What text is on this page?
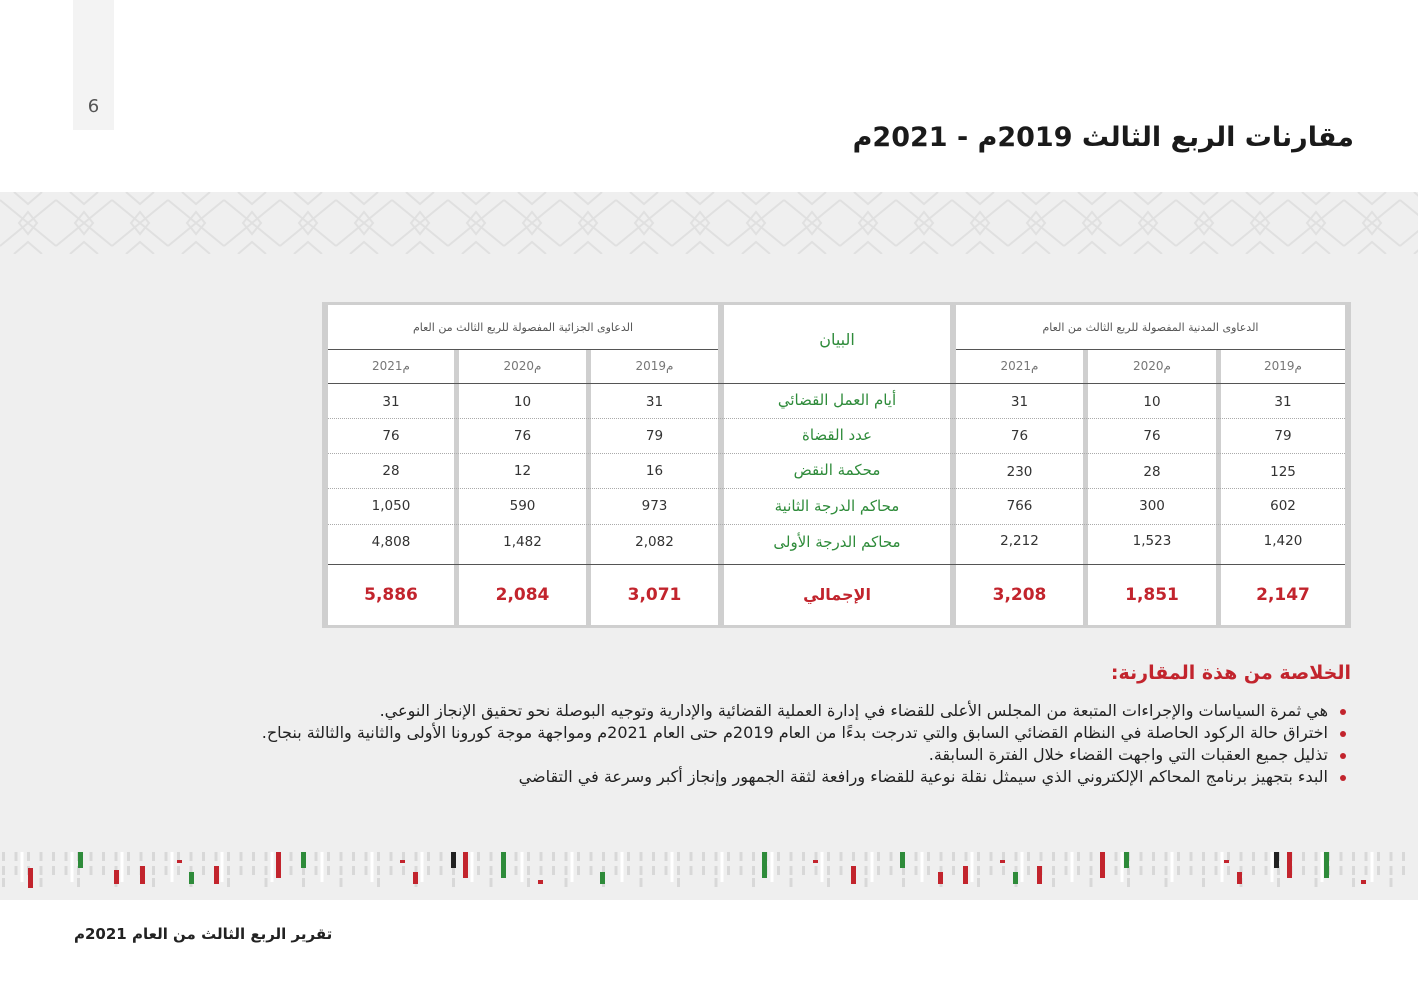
6
مقارنات الربع الثالث 2019م - 2021م
الدعاوى الجزائية المفصولة للربع الثالث من العام	الدعاوى المدنية المفصولة للربع الثالث من العام
البيان
2021م	2020م	2019م	2021م	2020م	2019م
31	10	31	أيام العمل القضائي	31	10	31
76	76	79	عدد القضاة	76	76	79
28	12	16	محكمة النقض	230	28	125
1,050	590	973	محاكم الدرجة الثانية	766	300	602
4,808	1,482	2,082	محاكم الدرجة الأولى	2,212	1,523	1,420
5,886	2,084	3,071	الإجمالي	3,208	1,851	2,147
الخلاصة من هذة المقارنة:
هي ثمرة السياسات والإجراءات المتبعة من المجلس الأعلى للقضاء في إدارة العملية القضائية والإدارية وتوجيه البوصلة نحو تحقيق الإنجاز النوعي.
اختراق حالة الركود الحاصلة في النظام القضائي السابق والتي تدرجت بدءًا من العام 2019م حتى العام 2021م ومواجهة موجة كورونا الأولى والثانية والثالثة بنجاح.
تذليل جميع العقبات التي واجهت القضاء خلال الفترة السابقة.
البدء بتجهيز برنامج المحاكم الإلكتروني الذي سيمثل نقلة نوعية للقضاء ورافعة لثقة الجمهور وإنجاز أكبر وسرعة في التقاضي
تقرير الربع الثالث من العام 2021م
